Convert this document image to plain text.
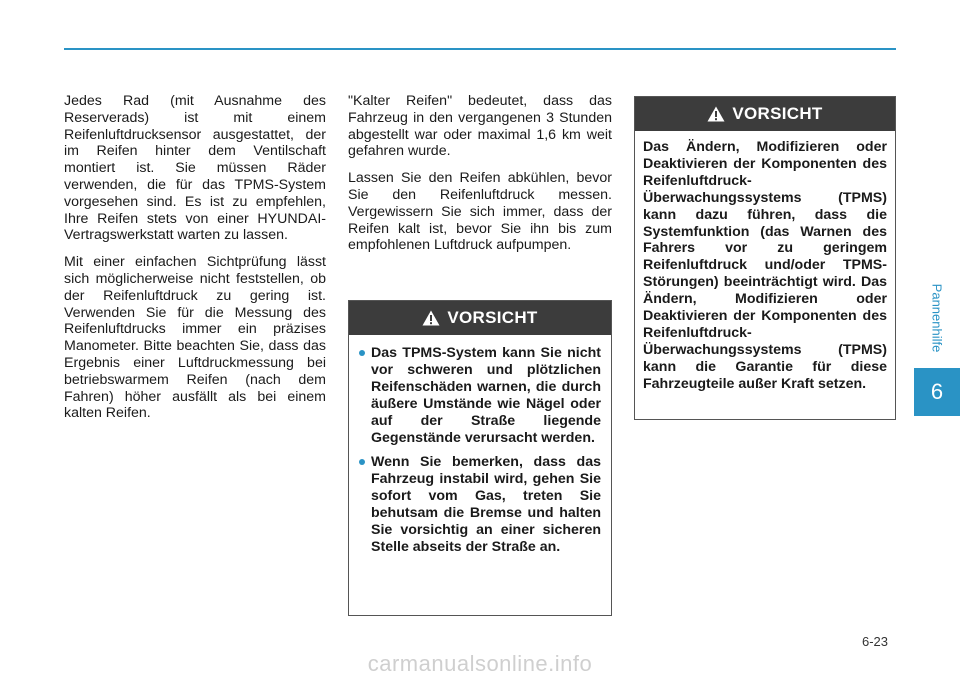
Jedes Rad (mit Ausnahme des Reserverads) ist mit einem Reifenluftdrucksensor ausgestattet, der im Reifen hinter dem Ventilschaft montiert ist. Sie müssen Räder verwenden, die für das TPMS-System vorgesehen sind. Es ist zu empfehlen, Ihre Reifen stets von einer HYUNDAI-Vertragswerkstatt warten zu lassen.

Mit einer einfachen Sichtprüfung lässt sich möglicherweise nicht feststellen, ob der Reifenluftdruck zu gering ist. Verwenden Sie für die Messung des Reifenluftdrucks immer ein präzises Manometer. Bitte beachten Sie, dass das Ergebnis einer Luftdruckmessung bei betriebswarmem Reifen (nach dem Fahren) höher ausfällt als bei einem kalten Reifen.

"Kalter Reifen" bedeutet, dass das Fahrzeug in den vergangenen 3 Stunden abgestellt war oder maximal 1,6 km weit gefahren wurde.

Lassen Sie den Reifen abkühlen, bevor Sie den Reifenluftdruck messen. Vergewissern Sie sich immer, dass der Reifen kalt ist, bevor Sie ihn bis zum empfohlenen Luftdruck aufpumpen.

VORSICHT
Das TPMS-System kann Sie nicht vor schweren und plötzlichen Reifenschäden warnen, die durch äußere Umstände wie Nägel oder auf der Straße liegende Gegenstände verursacht werden.
Wenn Sie bemerken, dass das Fahrzeug instabil wird, gehen Sie sofort vom Gas, treten Sie behutsam die Bremse und halten Sie vorsichtig an einer sicheren Stelle abseits der Straße an.
VORSICHT
Das Ändern, Modifizieren oder Deaktivieren der Komponenten des Reifenluftdruck-Überwachungssystems (TPMS) kann dazu führen, dass die Systemfunktion (das Warnen des Fahrers vor zu geringem Reifenluftdruck und/oder TPMS-Störungen) beeinträchtigt wird. Das Ändern, Modifizieren oder Deaktivieren der Komponenten des Reifenluftdruck-Überwachungssystems (TPMS) kann die Garantie für diese Fahrzeugteile außer Kraft setzen.
Pannenhilfe
6
6-23
carmanualsonline.info
